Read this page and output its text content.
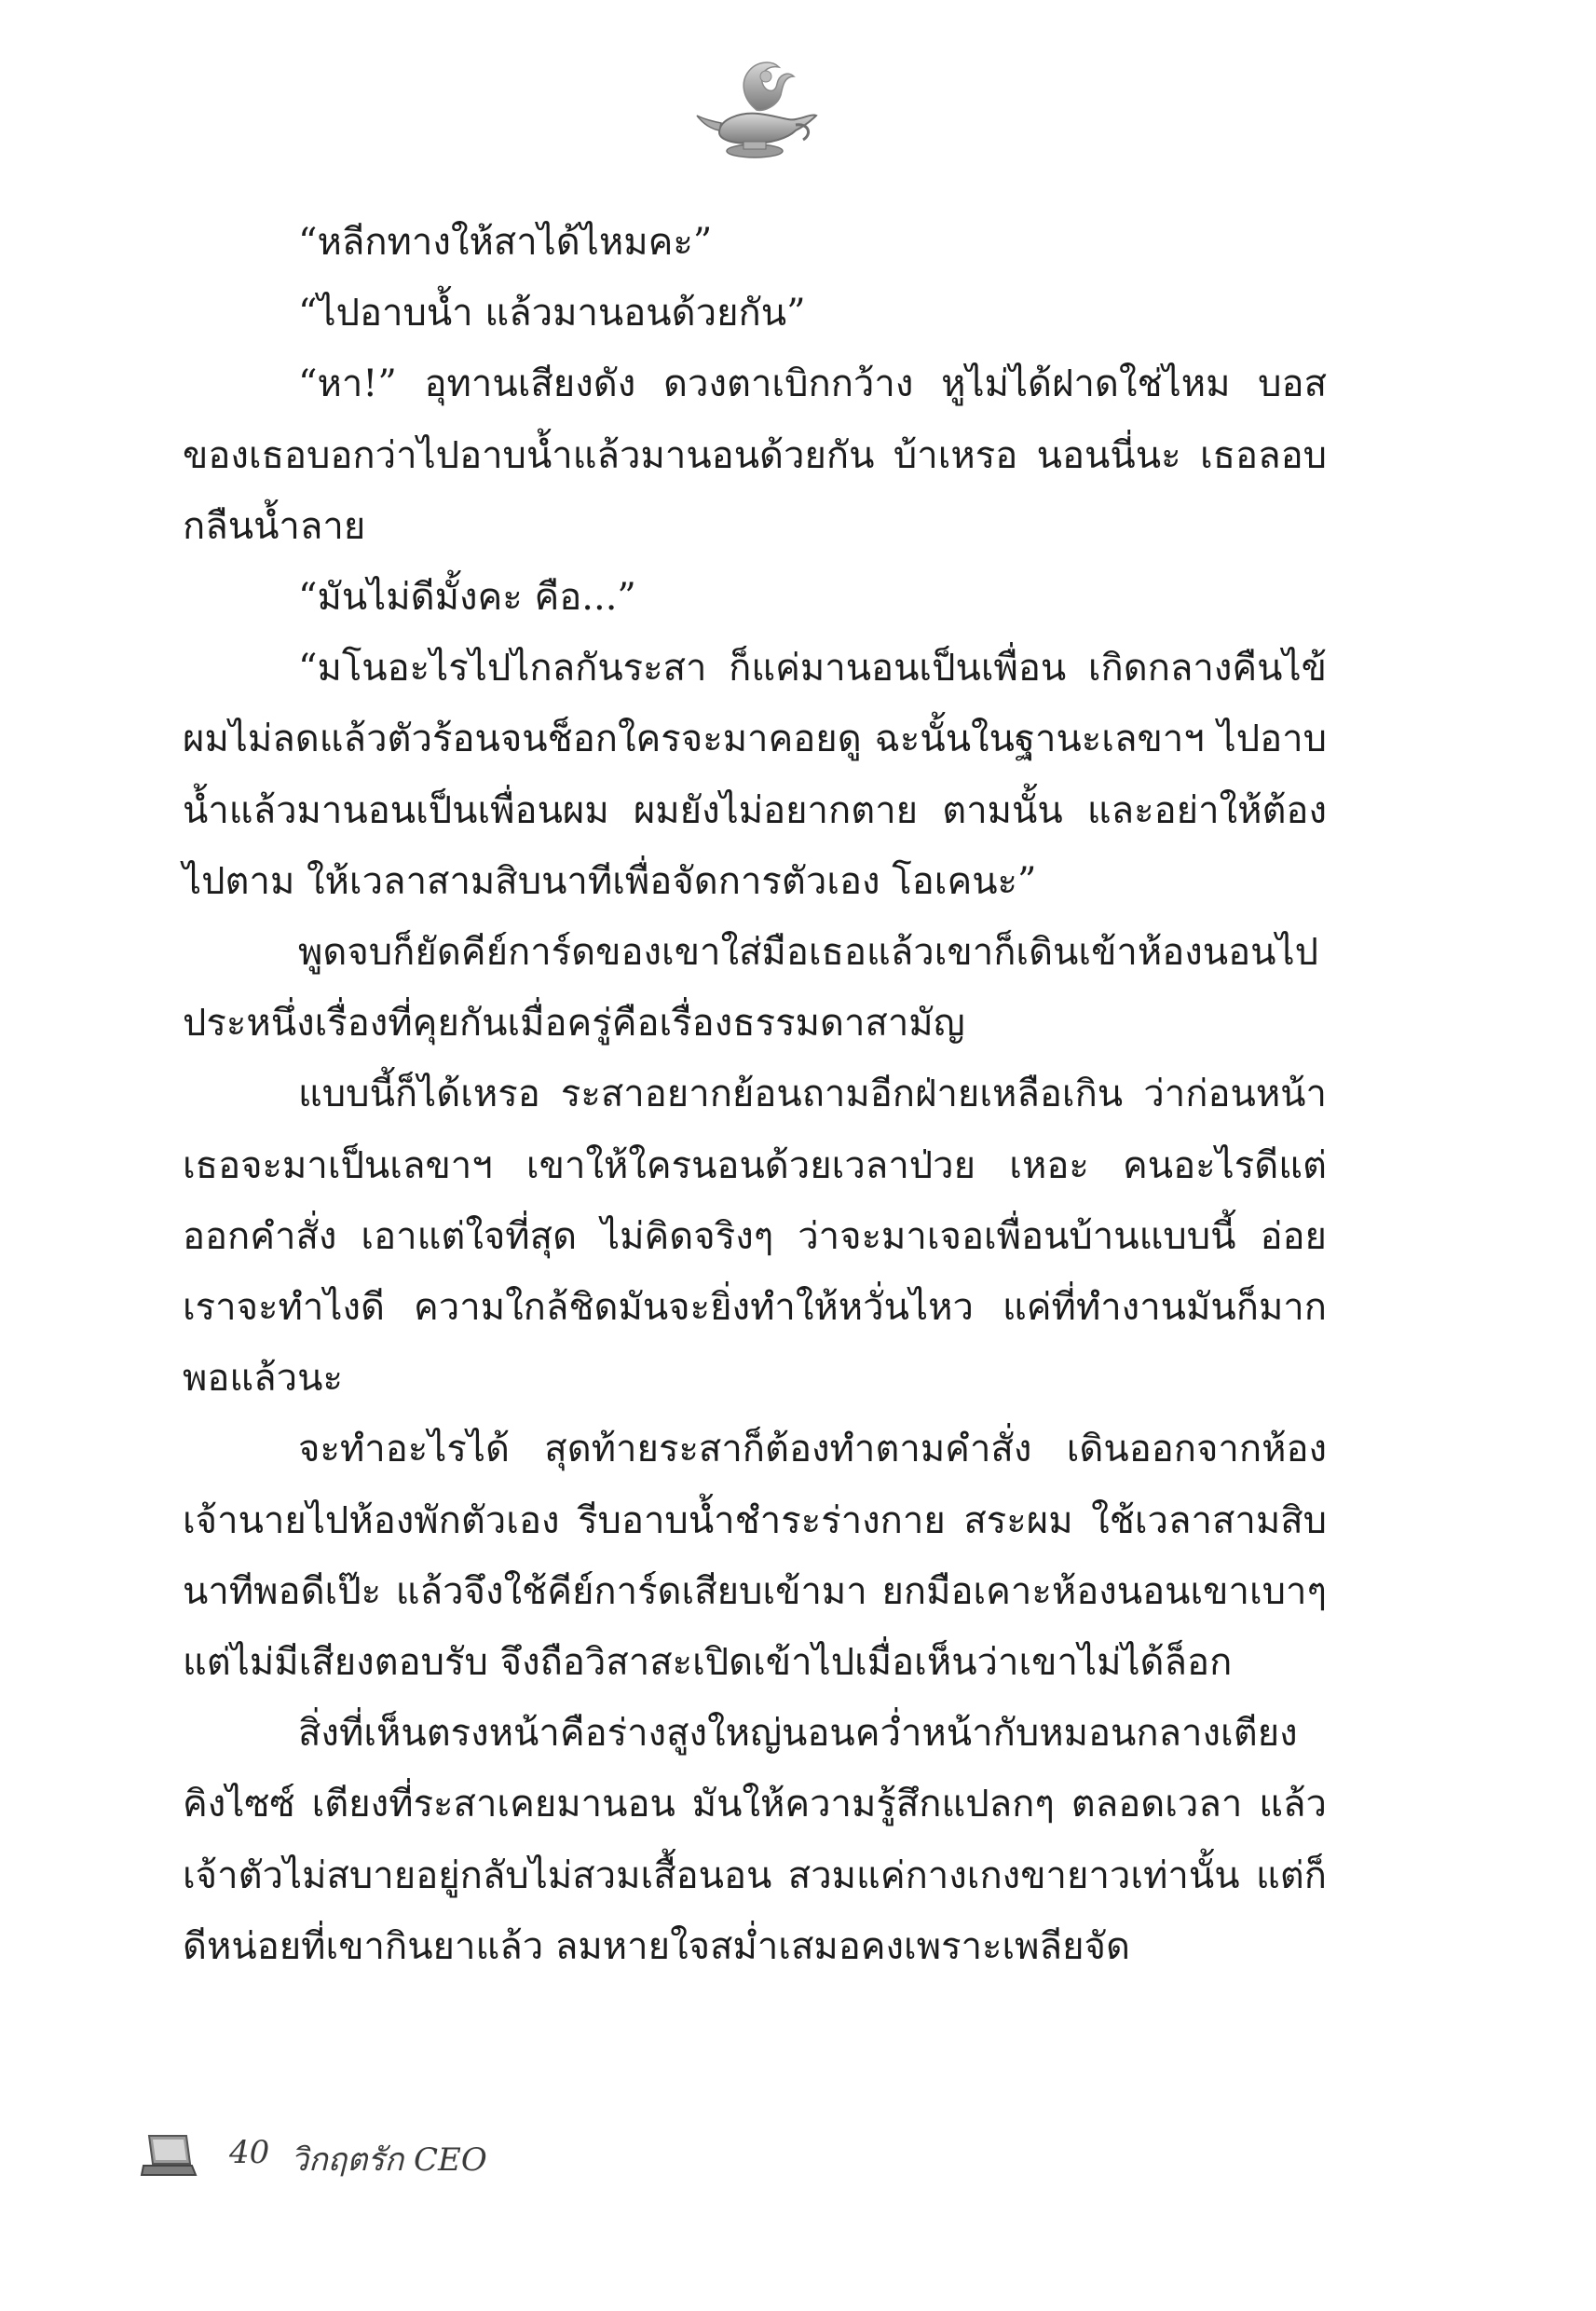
“หลีกทางให้สาได้ไหมคะ”

“ไปอาบน้ำ แล้วมานอนด้วยกัน”

“หา!” อุทานเสียงดัง ดวงตาเบิกกว้าง หูไม่ได้ฝาดใช่ไหม บอสของเธอบอกว่าไปอาบน้ำแล้วมานอนด้วยกัน บ้าเหรอ นอนนี่นะ เธอลอบกลืนน้ำลาย

“มันไม่ดีมั้งคะ คือ...”

“มโนอะไรไปไกลกันระสา ก็แค่มานอนเป็นเพื่อน เกิดกลางคืนไข้ผมไม่ลดแล้วตัวร้อนจนช็อกใครจะมาคอยดู ฉะนั้นในฐานะเลขาฯ ไปอาบน้ำแล้วมานอนเป็นเพื่อนผม ผมยังไม่อยากตาย ตามนั้น และอย่าให้ต้องไปตาม ให้เวลาสามสิบนาทีเพื่อจัดการตัวเอง โอเคนะ”

พูดจบก็ยัดคีย์การ์ดของเขาใส่มือเธอแล้วเขาก็เดินเข้าห้องนอนไป ประหนึ่งเรื่องที่คุยกันเมื่อครู่คือเรื่องธรรมดาสามัญ

แบบนี้ก็ได้เหรอ ระสาอยากย้อนถามอีกฝ่ายเหลือเกิน ว่าก่อนหน้าเธอจะมาเป็นเลขาฯ เขาให้ใครนอนด้วยเวลาป่วย เหอะ คนอะไรดีแต่ออกคำสั่ง เอาแต่ใจที่สุด ไม่คิดจริงๆ ว่าจะมาเจอเพื่อนบ้านแบบนี้ อ่อย เราจะทำไงดี ความใกล้ชิดมันจะยิ่งทำให้หวั่นไหว แค่ที่ทำงานมันก็มากพอแล้วนะ

จะทำอะไรได้ สุดท้ายระสาก็ต้องทำตามคำสั่ง เดินออกจากห้องเจ้านายไปห้องพักตัวเอง รีบอาบน้ำชำระร่างกาย สระผม ใช้เวลาสามสิบนาทีพอดีเป๊ะ แล้วจึงใช้คีย์การ์ดเสียบเข้ามา ยกมือเคาะห้องนอนเขาเบาๆ แต่ไม่มีเสียงตอบรับ จึงถือวิสาสะเปิดเข้าไปเมื่อเห็นว่าเขาไม่ได้ล็อก

สิ่งที่เห็นตรงหน้าคือร่างสูงใหญ่นอนคว่ำหน้ากับหมอนกลางเตียงคิงไซซ์ เตียงที่ระสาเคยมานอน มันให้ความรู้สึกแปลกๆ ตลอดเวลา แล้วเจ้าตัวไม่สบายอยู่กลับไม่สวมเสื้อนอน สวมแค่กางเกงขายาวเท่านั้น แต่ก็ดีหน่อยที่เขากินยาแล้ว ลมหายใจสม่ำเสมอคงเพราะเพลียจัด

40 วิกฤตรัก CEO
